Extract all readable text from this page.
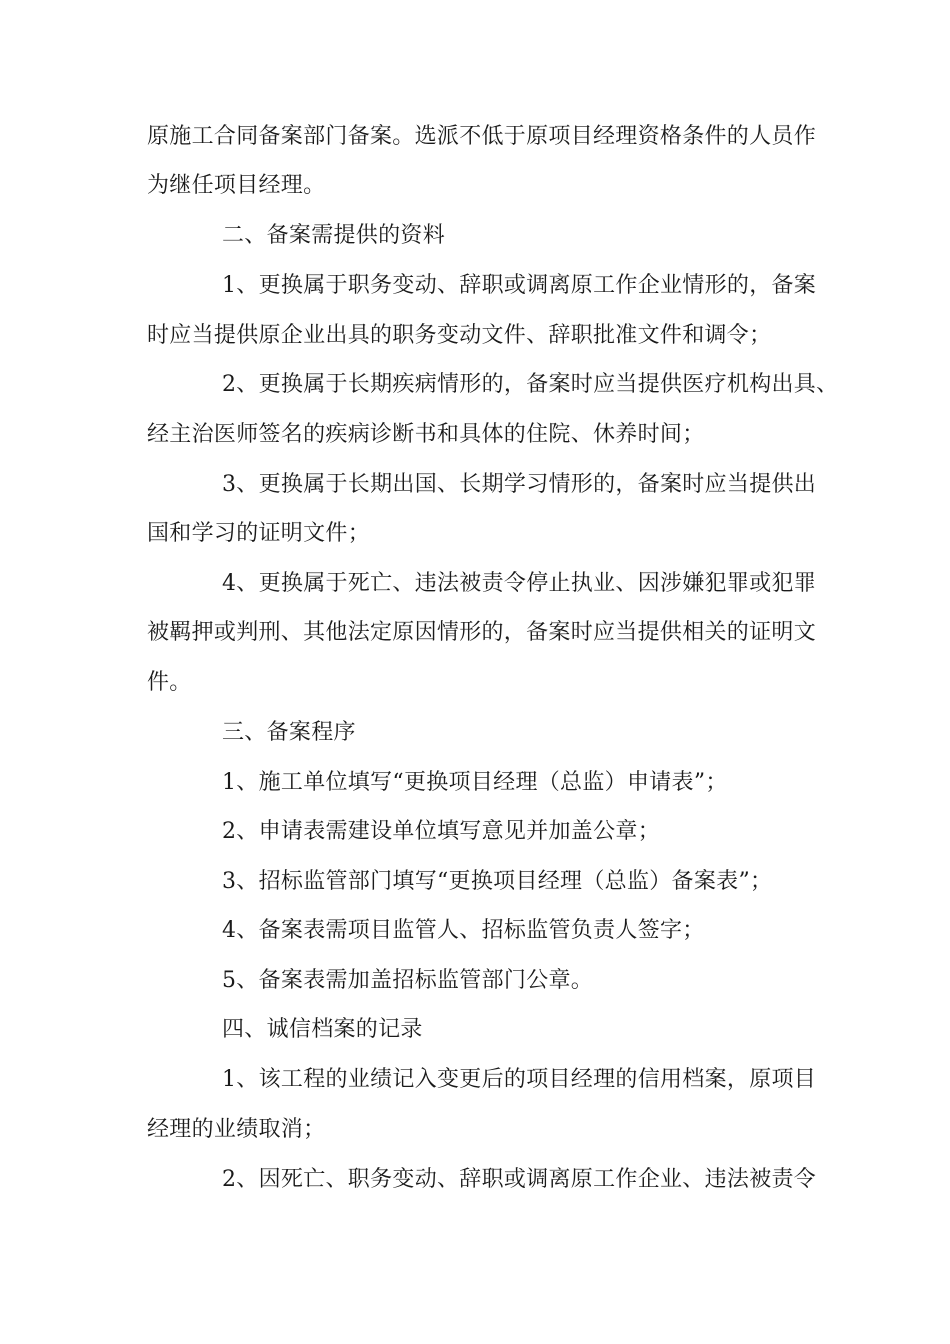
原施工合同备案部门备案。选派不低于原项目经理资格条件的人员作
为继任项目经理。
二、备案需提供的资料
1、更换属于职务变动、辞职或调离原工作企业情形的，备案
时应当提供原企业出具的职务变动文件、辞职批准文件和调令；
2、更换属于长期疾病情形的，备案时应当提供医疗机构出具、
经主治医师签名的疾病诊断书和具体的住院、休养时间；
3、更换属于长期出国、长期学习情形的，备案时应当提供出
国和学习的证明文件；
4、更换属于死亡、违法被责令停止执业、因涉嫌犯罪或犯罪
被羁押或判刑、其他法定原因情形的，备案时应当提供相关的证明文
件。
三、备案程序
1、施工单位填写“更换项目经理（总监）申请表”；
2、申请表需建设单位填写意见并加盖公章；
3、招标监管部门填写“更换项目经理（总监）备案表”；
4、备案表需项目监管人、招标监管负责人签字；
5、备案表需加盖招标监管部门公章。
四、诚信档案的记录
1、该工程的业绩记入变更后的项目经理的信用档案，原项目
经理的业绩取消；
2、因死亡、职务变动、辞职或调离原工作企业、违法被责令
